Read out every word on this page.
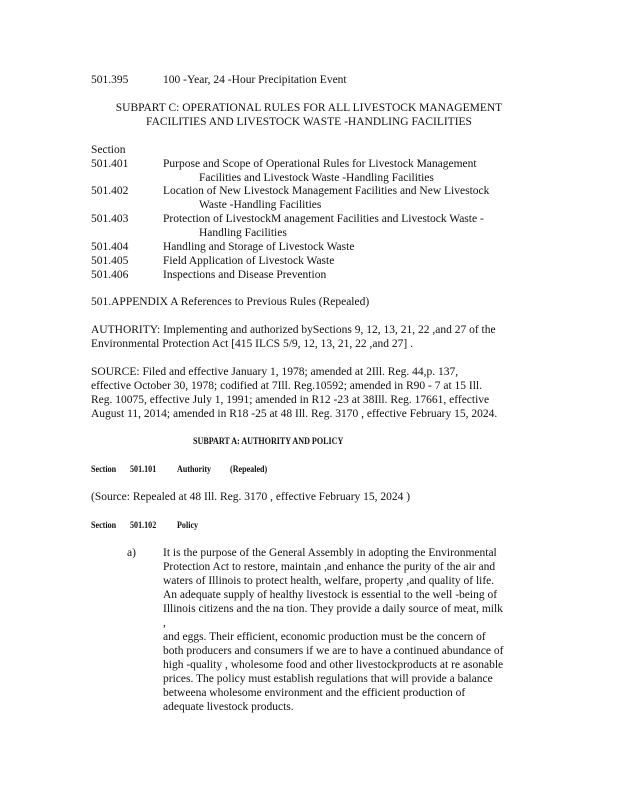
501.395	100 -Year, 24 -Hour Precipitation Event
SUBPART C: OPERATIONAL RULES FOR ALL LIVESTOCK MANAGEMENT
FACILITIES AND LIVESTOCK WASTE -HANDLING FACILITIES
Section
501.401	Purpose and Scope of Operational Rules for Livestock Management
Facilities and Livestock Waste -Handling Facilities
501.402	Location of New Livestock Management Facilities and New Livestock
Waste -Handling Facilities
501.403	Protection of LivestockM anagement Facilities and Livestock Waste -
Handling Facilities
501.404	Handling and Storage of Livestock Waste
501.405	Field Application of Livestock Waste
501.406	Inspections and Disease Prevention
501.APPENDIX A References to Previous Rules (Repealed)
AUTHORITY: Implementing and authorized bySections 9, 12, 13, 21, 22 ,and 27 of the
Environmental Protection Act [415 ILCS 5/9, 12, 13, 21, 22 ,and 27] .
SOURCE: Filed and effective January 1, 1978; amended at 2Ill. Reg. 44,p. 137,
effective October 30, 1978; codified at 7Ill. Reg.10592; amended in R90 - 7 at 15 Ill.
Reg. 10075, effective July 1, 1991; amended in R12 -23 at 38Ill. Reg. 17661, effective
August 11, 2014; amended in R18 -25 at 48 Ill. Reg. 3170 , effective February 15, 2024.
SUBPART A: AUTHORITY AND POLICY
Section 501.101 Authority (Repealed)
(Source: Repealed at 48 Ill. Reg. 3170 , effective February 15, 2024 )
Section 501.102 Policy
a) It is the purpose of the General Assembly in adopting the Environmental
Protection Act to restore, maintain ,and enhance the purity of the air and
waters of Illinois to protect health, welfare, property ,and quality of life.
An adequate supply of healthy livestock is essential to the well -being of
Illinois citizens and the na tion. They provide a daily source of meat, milk ,
and eggs. Their efficient, economic production must be the concern of
both producers and consumers if we are to have a continued abundance of
high -quality , wholesome food and other livestockproducts at re asonable
prices. The policy must establish regulations that will provide a balance
betweena wholesome environment and the efficient production of
adequate livestock products.
